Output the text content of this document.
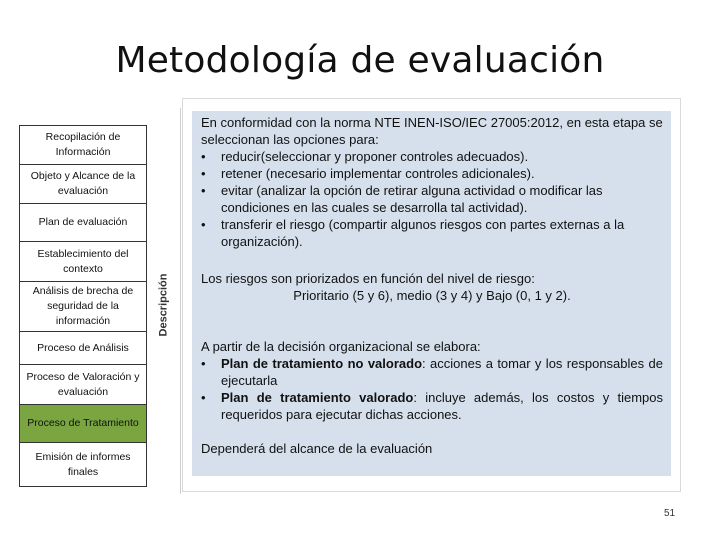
Metodología de evaluación
Recopilación de Información
Objeto y Alcance de la evaluación
Plan de evaluación
Establecimiento del contexto
Análisis de brecha de seguridad de la información
Proceso de Análisis
Proceso de Valoración y evaluación
Proceso de Tratamiento
Emisión de informes finales
Descripción

En conformidad con la norma NTE INEN-ISO/IEC 27005:2012, en esta etapa se seleccionan las opciones para:

• reducir(seleccionar y proponer controles adecuados).
• retener (necesario implementar controles adicionales).
• evitar (analizar la opción de retirar alguna actividad o modificar las condiciones en las cuales se desarrolla tal actividad).
• transferir el riesgo (compartir algunos riesgos con partes externas a la organización).

Los riesgos son priorizados en función del nivel de riesgo:

Prioritario (5 y 6), medio (3 y 4) y Bajo (0, 1 y 2).

A partir de la decisión organizacional se elabora:

• Plan de tratamiento no valorado: acciones a tomar y los responsables de ejecutarla
• Plan de tratamiento valorado: incluye además, los costos y tiempos requeridos para ejecutar dichas acciones.

Dependerá del alcance de la evaluación

51
